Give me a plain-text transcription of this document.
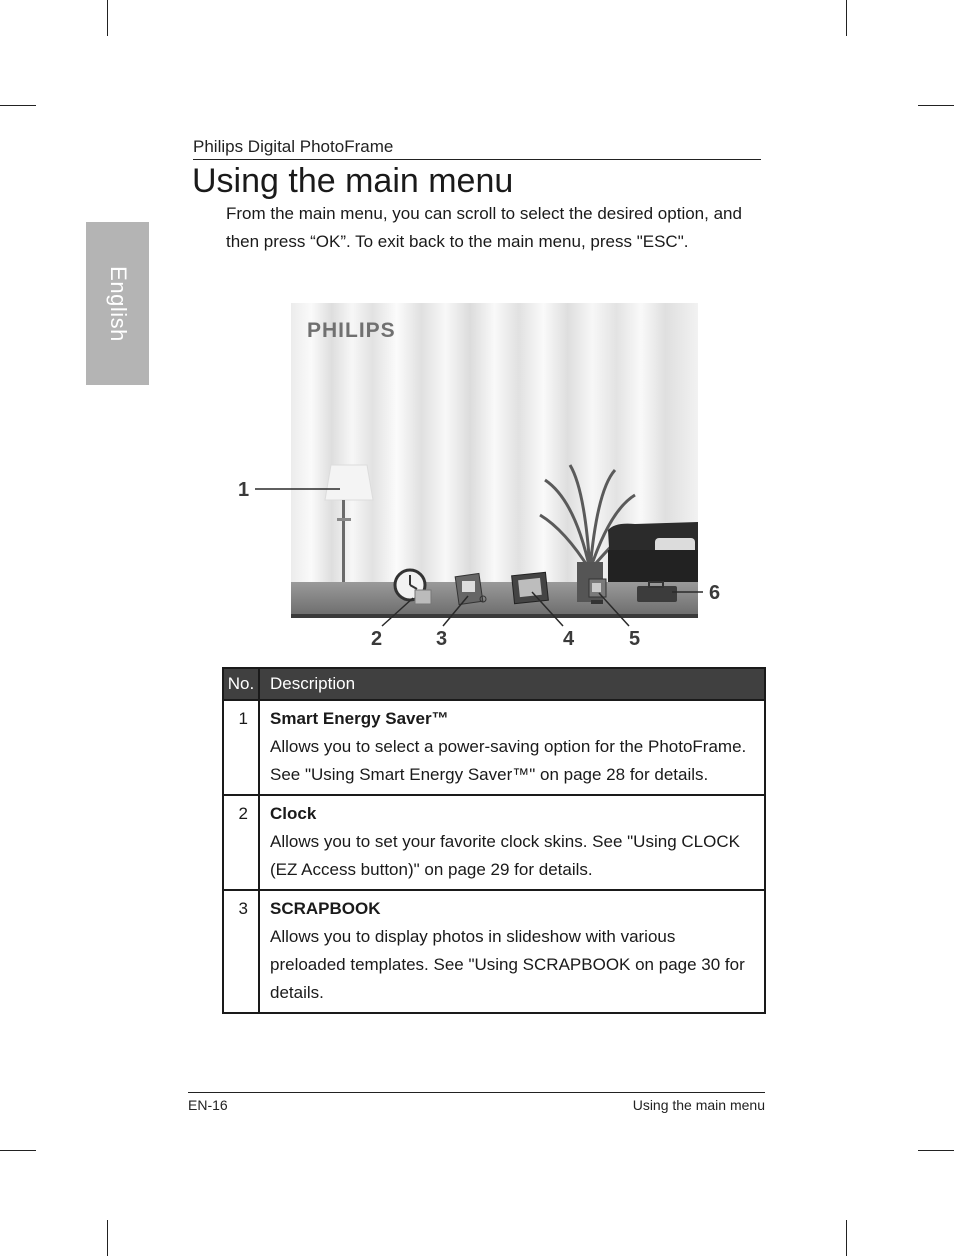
English
Philips Digital PhotoFrame
Using the main menu

From the main menu, you can scroll to select the desired option, and then press “OK”. To exit back to the main menu, press "ESC".

PHILIPS
1
2	3	4	5
6
No.	Description
1	Smart Energy Saver™
Allows you to select a power-saving option for the PhotoFrame. See "Using Smart Energy Saver™" on page 28 for details.

2	Clock
Allows you to set your favorite clock skins. See "Using CLOCK (EZ Access button)" on page 29 for details.

3	SCRAPBOOK
Allows you to display photos in slideshow with various preloaded templates. See "Using SCRAPBOOK on page 30 for details.
EN-16	Using the main menu
